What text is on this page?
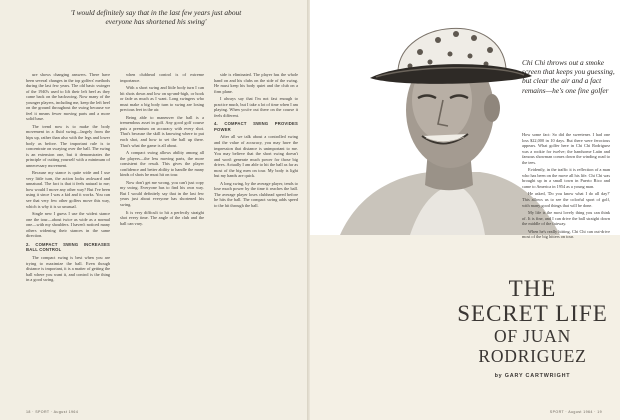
'I would definitely say that in the last few years just about everyone has shortened his swing'

ure shows changing answers. There have been several changes in the top golfers' methods during the last few years. The old basic swinger of the 1940's used to lift their left heel as they came back on the backswing. Now many of the younger players, including me, keep the left heel on the ground throughout the swing because we feel it means fewer moving parts and a more solid base.

The trend now is to make the body movement in a fluid swing—largely from the hips up, rather than also with the legs and lower body as before. The important rule is to concentrate on swaying over the ball. The swing is an extension one, but it demonstrates the principle of cutting yourself with a minimum of unnecessary movement.

Because my stance is quite wide and I use very little turn, the action looks awkward and unnatural. The fact is that it feels natural to me; how would I move any other way? But I've been using it since I was a kid and it works. You can see that very few other golfers move this way, which is why it is so unusual.

Single new I guess I use the widest stance one the tour—about twice as wide as a normal one—with my shoulders. I haven't noticed many others widening their stances in the same direction.

2. COMPACT SWING INCREASES BALL CONTROL

The compact swing is best when you are trying to maximize the ball. Even though distance is important, it is a matter of getting the ball where you want it, and control is the thing in a good swing.

when clubhead control is of extreme importance.

With a short swing and little body turn I can hit shots down and low on up-and-high, or hook or fade as much as I want. Long swingers who must make a big body turn to swing are losing precious feet in the air.

Being able to maneuver the ball is a tremendous asset in golf. Any good golf course puts a premium on accuracy with every shot. That's because the skill is knowing where to put each shot, and how to set the ball up there. That's what the game is all about.

A compact swing allows ability among all the players—the less moving parts, the more consistent the result. This gives the player confidence and better ability to handle the many kinds of shots he must hit on tour.

Now don't get me wrong, you can't just copy my swing. Everyone has to find his own way. But I would definitely say that in the last few years just about everyone has shortened his swing.

It is very difficult to hit a perfectly straight shot every time. The angle of the club and the ball can vary.

side is eliminated. The player has the whole hand on and his clubs on the side of the swing. He must keep his body quiet and the club on a firm plane.

I always say that I'm not fast enough to practice much, but I take a lot of time when I am playing. When you're out there on the course it feels different.

4. COMPACT SWING PROVIDES POWER

After all we talk about a controlled swing and the value of accuracy, you may have the impression that distance is unimportant to me. You may believe that the short swing doesn't and won't generate much power for those big drives. Actually I am able to hit the ball as far as most of the big men on tour. My body is light but my hands are quick.

A long swing, by the average player, tends to lose much power by the time it reaches the ball. The average player loses clubhead speed before he hits the ball. The compact swing adds speed to the hit through the ball.

18 · SPORT · August 1964
Chi Chi throws out a smoke screen that keeps you guessing, but clear the air and a fact remains—he's one fine golfer

How some fact: So did the sweetener. I had one loss $22,000 in 10 days. But there were ferocious appears. What golfer here in Chi Chi Rodriguez was a rookie for twelve; the handsome Latin and famous showman comes down the winding road to the tees.

Evidently, in the traffic it is reflection of a man who has been on the move all his life. Chi Chi was brought up in a small town in Puerto Rico and came to America in 1954 as a young man.

He asked, 'Do you know what I do all day?' This allows us to see the colorful sport of golf, with many good things that will be done.

My life is the most lovely thing you can think of. It is fine, and I can drive the ball straight down the middle of the fairway.

When he's really hitting, Chi Chi can out-drive most of the big hitters on tour.

THE
SECRET LIFE
OF JUAN RODRIGUEZ
by GARY CARTWRIGHT
SPORT · August 1964 · 19
